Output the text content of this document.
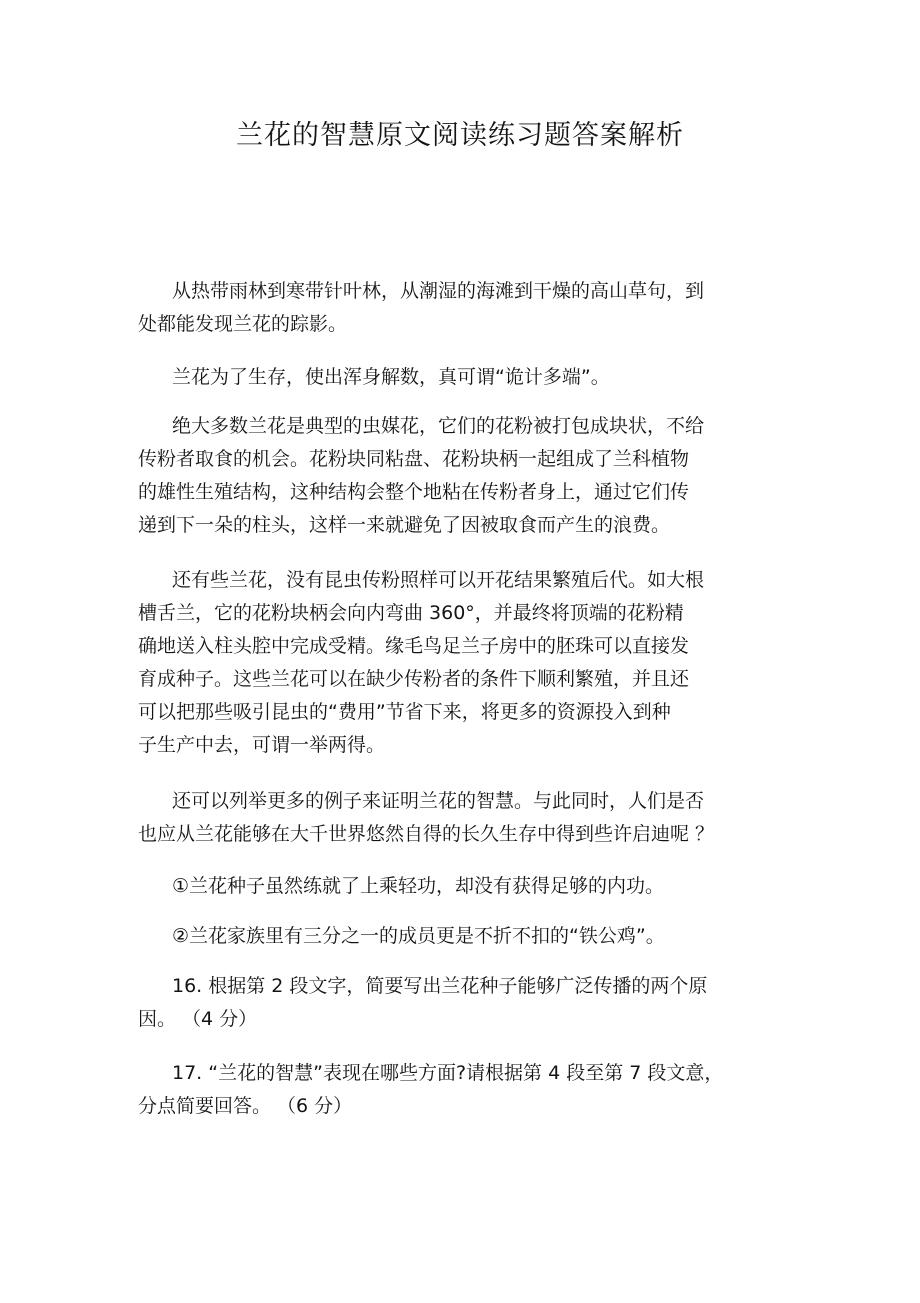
兰花的智慧原文阅读练习题答案解析
从热带雨林到寒带针叶林，从潮湿的海滩到干燥的高山草句，到
处都能发现兰花的踪影。
兰花为了生存，使出浑身解数，真可谓“诡计多端”。
绝大多数兰花是典型的虫媒花，它们的花粉被打包成块状，不给
传粉者取食的机会。花粉块同粘盘、花粉块柄一起组成了兰科植物
的雄性生殖结构，这种结构会整个地粘在传粉者身上，通过它们传
递到下一朵的柱头，这样一来就避免了因被取食而产生的浪费。
还有些兰花，没有昆虫传粉照样可以开花结果繁殖后代。如大根
槽舌兰，它的花粉块柄会向内弯曲 360°，并最终将顶端的花粉精
确地送入柱头腔中完成受精。缘毛鸟足兰子房中的胚珠可以直接发
育成种子。这些兰花可以在缺少传粉者的条件下顺利繁殖，并且还
可以把那些吸引昆虫的“费用”节省下来，将更多的资源投入到种
子生产中去，可谓一举两得。
还可以列举更多的例子来证明兰花的智慧。与此同时，人们是否
也应从兰花能够在大千世界悠然自得的长久生存中得到些许启迪呢 ？
①兰花种子虽然练就了上乘轻功，却没有获得足够的内功。
②兰花家族里有三分之一的成员更是不折不扣的“铁公鸡”。
16. 根据第 2 段文字，简要写出兰花种子能够广泛传播的两个原
因。 （4 分）
17. “兰花的智慧”表现在哪些方面?请根据第 4 段至第 7 段文意，
分点简要回答。 （6 分）
